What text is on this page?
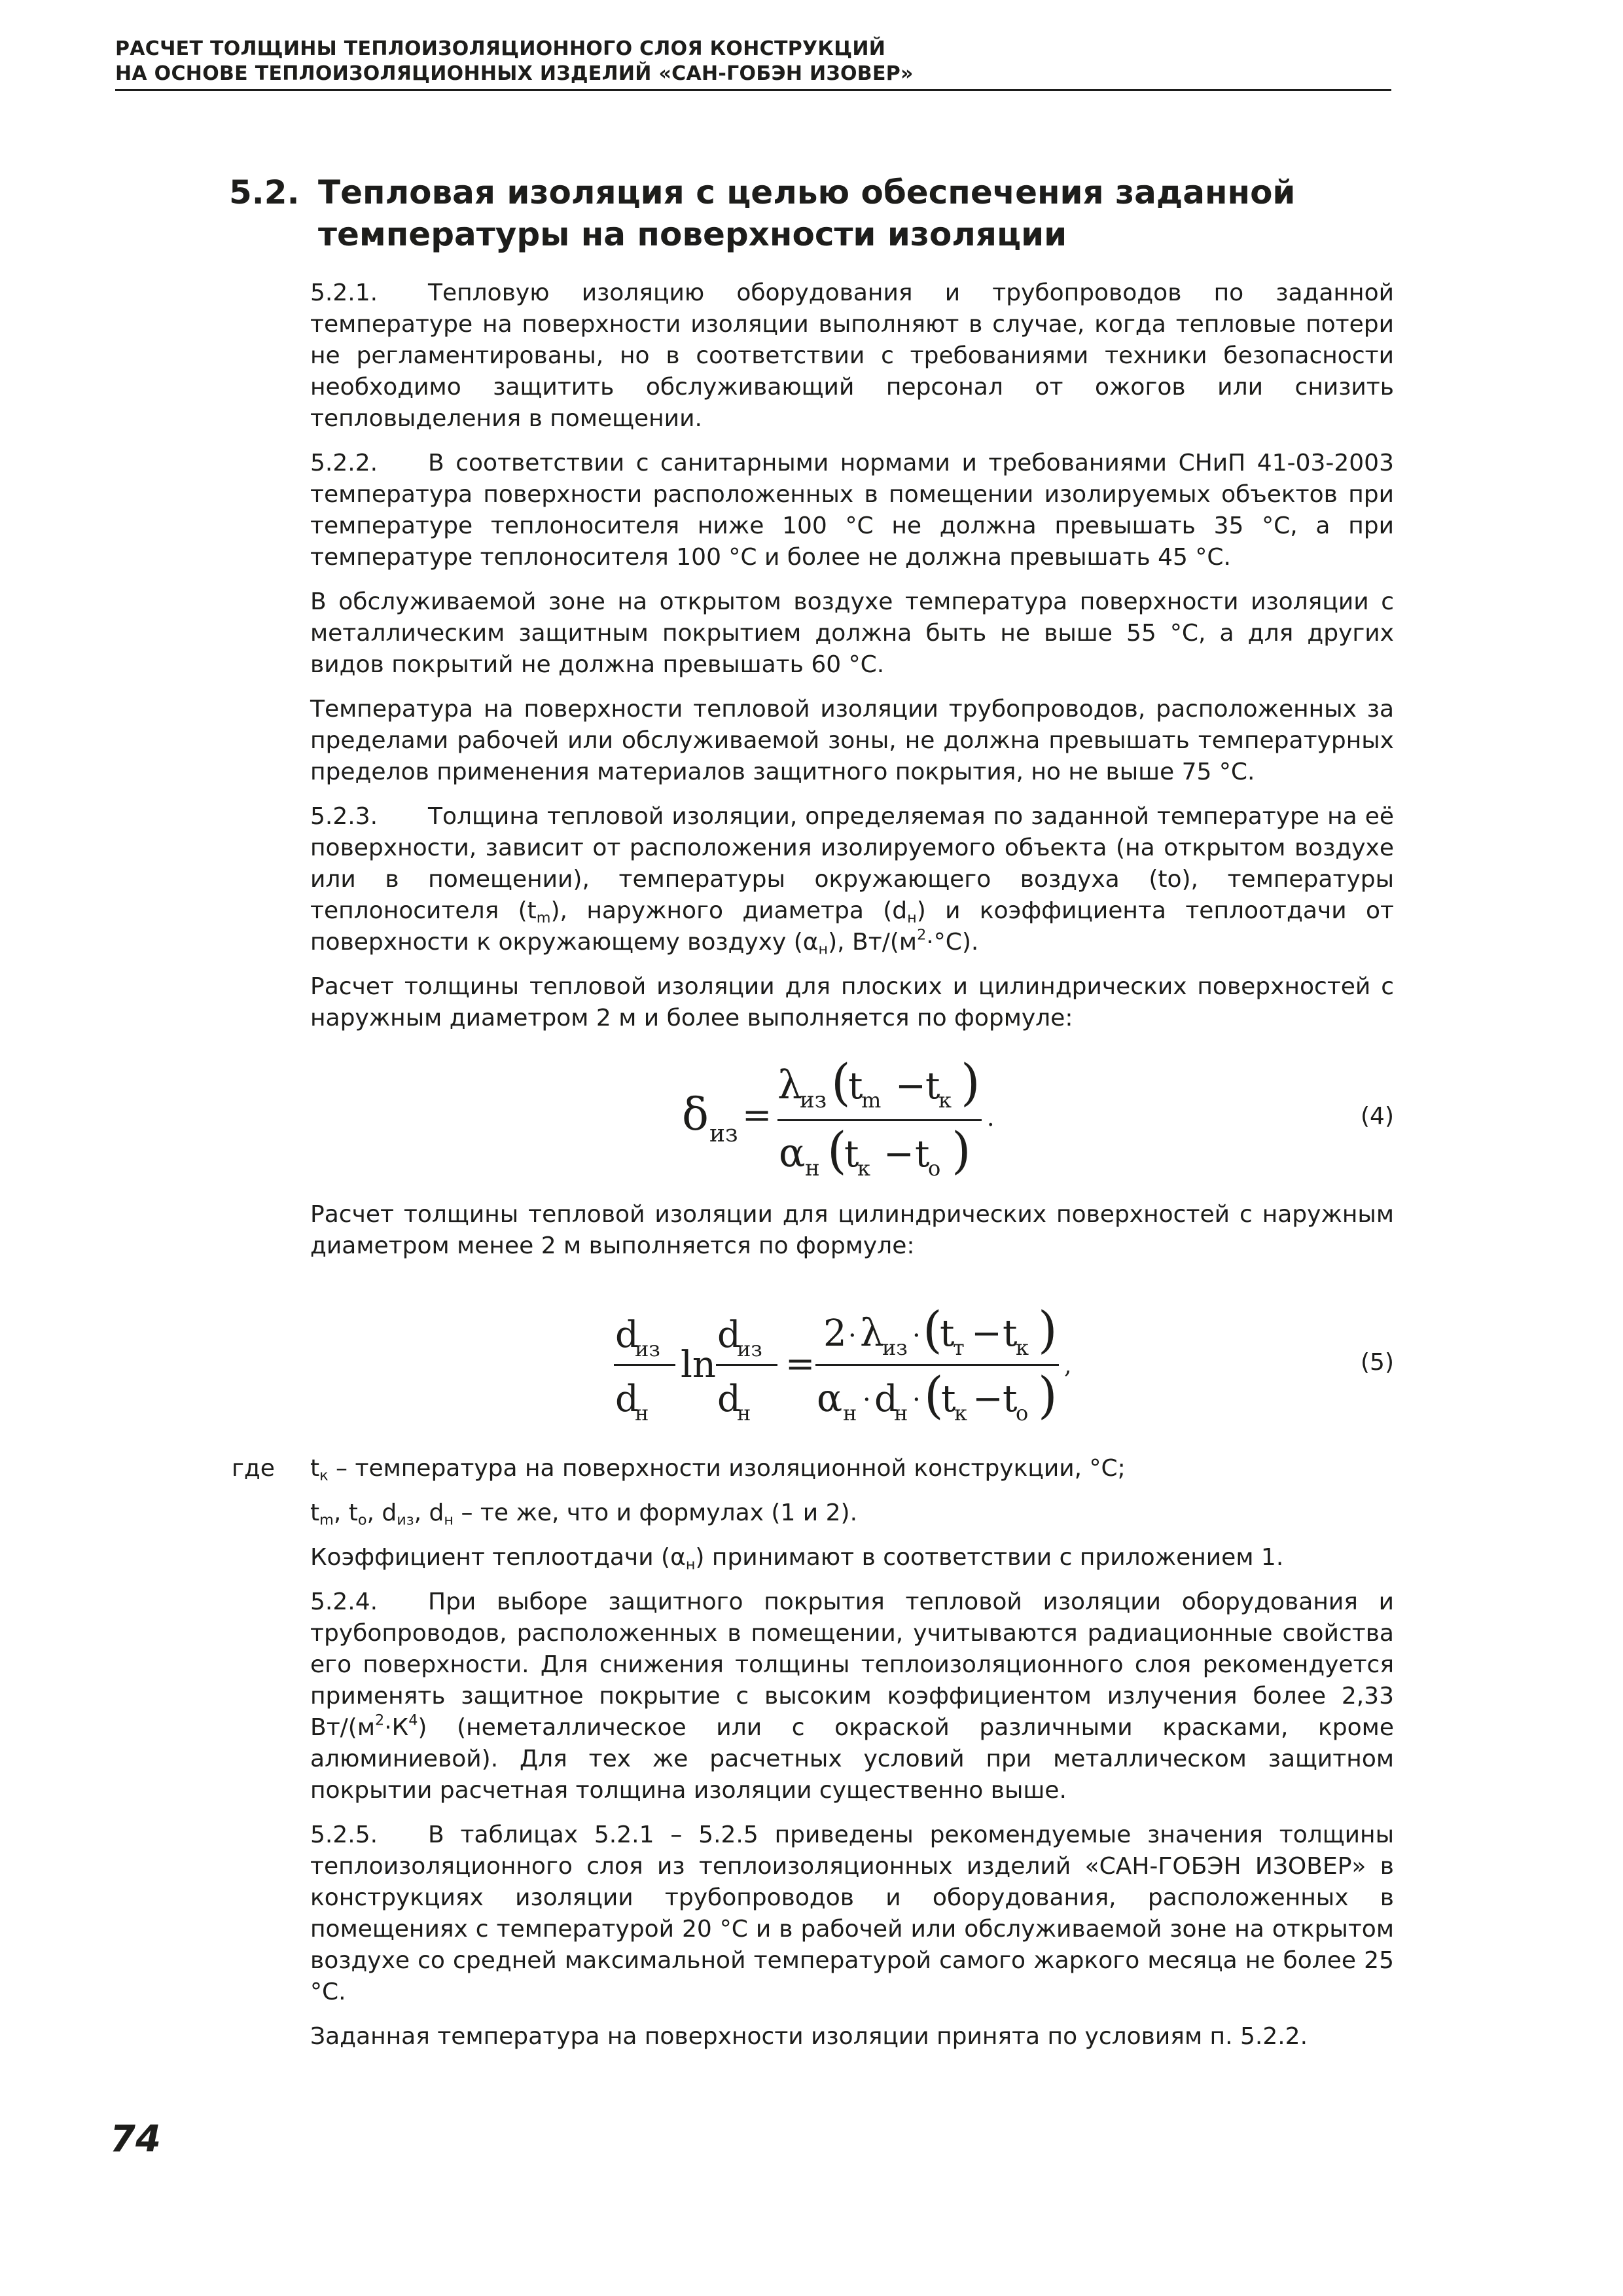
РАСЧЕТ ТОЛЩИНЫ ТЕПЛОИЗОЛЯЦИОННОГО СЛОЯ КОНСТРУКЦИЙ
НА ОСНОВЕ ТЕПЛОИЗОЛЯЦИОННЫХ ИЗДЕЛИЙ «САН-ГОБЭН ИЗОВЕР»
5.2. Тепловая изоляция с целью обеспечения заданной температуры на поверхности изоляции

5.2.1. Тепловую изоляцию оборудования и трубопроводов по заданной температуре на поверхности изоляции выполняют в случае, когда тепловые потери не регламентированы, но в соответствии с требованиями техники безопасности необходимо защитить обслуживающий персонал от ожогов или снизить тепловыделения в помещении.

5.2.2. В соответствии с санитарными нормами и требованиями СНиП 41-03-2003 температура поверхности расположенных в помещении изолируемых объектов при температуре теплоносителя ниже 100 °С не должна превышать 35 °С, а при температуре теплоносителя 100 °С и более не должна превышать 45 °С.

В обслуживаемой зоне на открытом воздухе температура поверхности изоляции с металлическим защитным покрытием должна быть не выше 55 °С, а для других видов покрытий не должна превышать 60 °С.

Температура на поверхности тепловой изоляции трубопроводов, расположенных за пределами рабочей или обслуживаемой зоны, не должна превышать температурных пределов применения материалов защитного покрытия, но не выше 75 °С.

5.2.3. Толщина тепловой изоляции, определяемая по заданной температуре на её поверхности, зависит от расположения изолируемого объекта (на открытом воздухе или в помещении), температуры окружающего воздуха (to), температуры теплоносителя $(t_m)$, наружного диаметра $(d_н)$ и коэффициента теплоотдачи от поверхности к окружающему воздуху $(\alpha_н)$, $Вт/(м^2\cdot^\circ С)$.

Расчет толщины тепловой изоляции для плоских и цилиндрических поверхностей с наружным диаметром 2 м и более выполняется по формуле:

δ из =
λ
из (
t
m − t
к )
α н (
t
к − t
о )
.	(4)

Расчет толщины тепловой изоляции для цилиндрических поверхностей с наружным диаметром менее 2 м выполняется по формуле:

d
из
d
н
ln
d
из
d
н
=
2 · λ
из · (
t
т − t
к )
α н · d
н · (
t
к − t
о )
,	(5)
где $t_к$ – температура на поверхности изоляционной конструкции, °С;

$t_m$, $t_o$, $d_{из}$, $d_н$ – те же, что и формулах (1 и 2).

Коэффициент теплоотдачи $(\alpha_н)$ принимают в соответствии с приложением 1.

5.2.4. При выборе защитного покрытия тепловой изоляции оборудования и трубопроводов, расположенных в помещении, учитываются радиационные свойства его поверхности. Для снижения толщины теплоизоляционного слоя рекомендуется применять защитное покрытие с высоким коэффициентом излучения более 2,33 $Вт/(м^2\cdot К^4)$ (неметаллическое или с окраской различными красками, кроме алюминиевой). Для тех же расчетных условий при металлическом защитном покрытии расчетная толщина изоляции существенно выше.

5.2.5. В таблицах 5.2.1 – 5.2.5 приведены рекомендуемые значения толщины теплоизоляционного слоя из теплоизоляционных изделий «САН-ГОБЭН ИЗОВЕР» в конструкциях изоляции трубопроводов и оборудования, расположенных в помещениях с температурой 20 °С и в рабочей или обслуживаемой зоне на открытом воздухе со средней максимальной температурой самого жаркого месяца не более 25 °С.

Заданная температура на поверхности изоляции принята по условиям п. 5.2.2.

74
